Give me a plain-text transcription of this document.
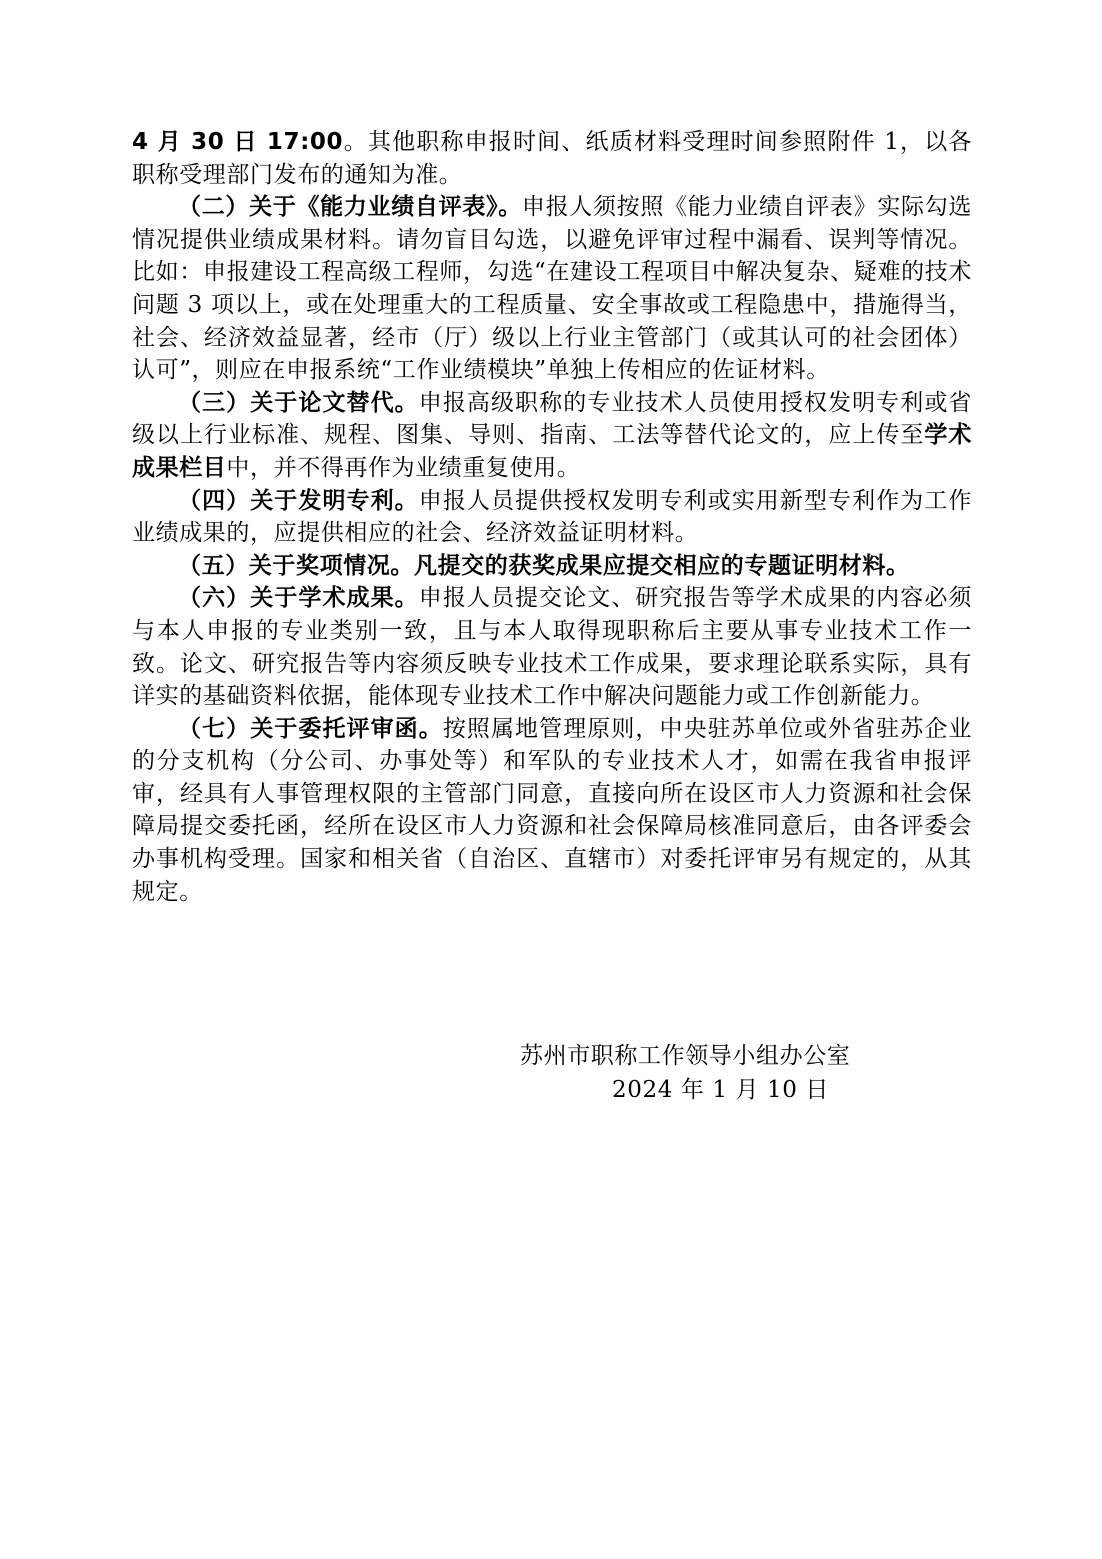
4 月 30 日 17:00。其他职称申报时间、纸质材料受理时间参照附件 1，以各职称受理部门发布的通知为准。

（二）关于《能力业绩自评表》。申报人须按照《能力业绩自评表》实际勾选情况提供业绩成果材料。请勿盲目勾选，以避免评审过程中漏看、误判等情况。比如：申报建设工程高级工程师，勾选“在建设工程项目中解决复杂、疑难的技术问题 3 项以上，或在处理重大的工程质量、安全事故或工程隐患中，措施得当，社会、经济效益显著，经市（厅）级以上行业主管部门（或其认可的社会团体）认可”，则应在申报系统“工作业绩模块”单独上传相应的佐证材料。

（三）关于论文替代。申报高级职称的专业技术人员使用授权发明专利或省级以上行业标准、规程、图集、导则、指南、工法等替代论文的，应上传至学术成果栏目中，并不得再作为业绩重复使用。

（四）关于发明专利。申报人员提供授权发明专利或实用新型专利作为工作业绩成果的，应提供相应的社会、经济效益证明材料。

（五）关于奖项情况。凡提交的获奖成果应提交相应的专题证明材料。

（六）关于学术成果。申报人员提交论文、研究报告等学术成果的内容必须与本人申报的专业类别一致，且与本人取得现职称后主要从事专业技术工作一致。论文、研究报告等内容须反映专业技术工作成果，要求理论联系实际，具有详实的基础资料依据，能体现专业技术工作中解决问题能力或工作创新能力。

（七）关于委托评审函。按照属地管理原则，中央驻苏单位或外省驻苏企业的分支机构（分公司、办事处等）和军队的专业技术人才，如需在我省申报评审，经具有人事管理权限的主管部门同意，直接向所在设区市人力资源和社会保障局提交委托函，经所在设区市人力资源和社会保障局核准同意后，由各评委会办事机构受理。国家和相关省（自治区、直辖市）对委托评审另有规定的，从其规定。

苏州市职称工作领导小组办公室
2024 年 1 月 10 日
